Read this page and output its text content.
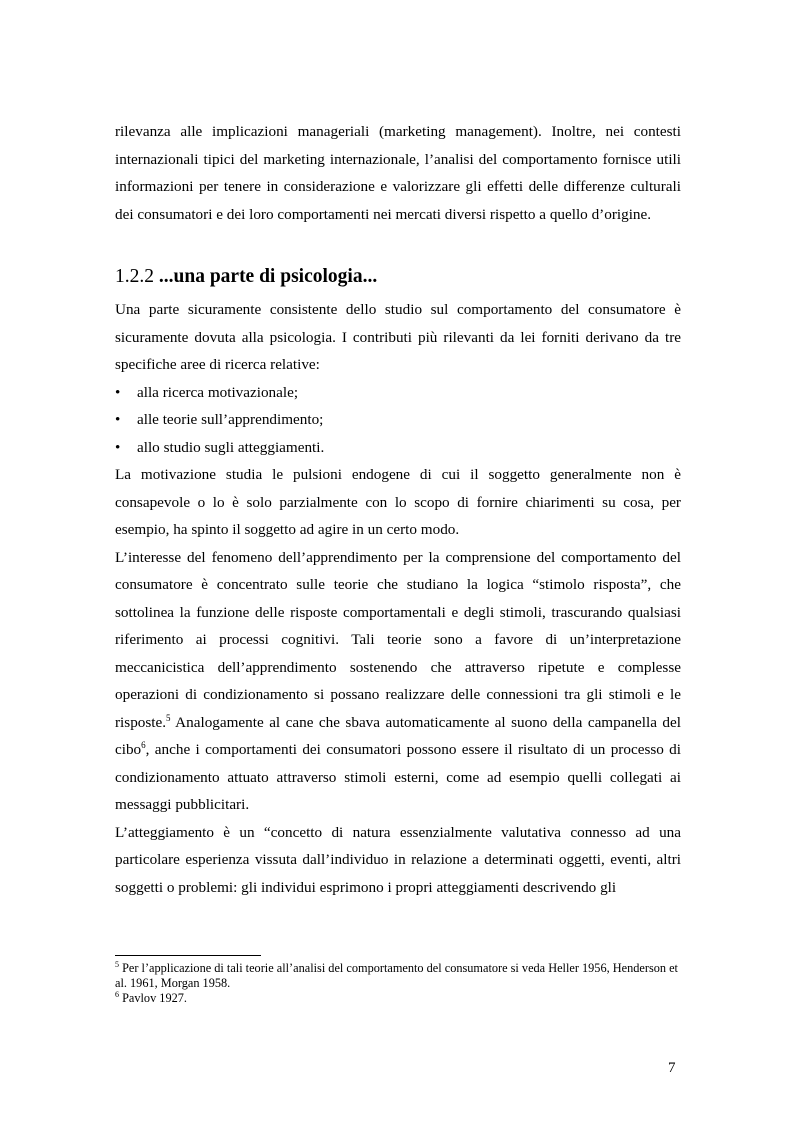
rilevanza alle implicazioni manageriali (marketing management). Inoltre, nei contesti internazionali tipici del marketing internazionale, l’analisi del comportamento fornisce utili informazioni per tenere in considerazione e valorizzare gli effetti delle differenze culturali dei consumatori e dei loro comportamenti nei mercati diversi rispetto a quello d’origine.

1.2.2 ...una parte di psicologia...

Una parte sicuramente consistente dello studio sul comportamento del consumatore è sicuramente dovuta alla psicologia. I contributi più rilevanti da lei forniti derivano da tre specifiche aree di ricerca relative:

• alla ricerca motivazionale;
• alle teorie sull’apprendimento;
• allo studio sugli atteggiamenti.

La motivazione studia le pulsioni endogene di cui il soggetto generalmente non è consapevole o lo è solo parzialmente con lo scopo di fornire chiarimenti su cosa, per esempio, ha spinto il soggetto ad agire in un certo modo.

L’interesse del fenomeno dell’apprendimento per la comprensione del comportamento del consumatore è concentrato sulle teorie che studiano la logica “stimolo risposta”, che sottolinea la funzione delle risposte comportamentali e degli stimoli, trascurando qualsiasi riferimento ai processi cognitivi. Tali teorie sono a favore di un’interpretazione meccanicistica dell’apprendimento sostenendo che attraverso ripetute e complesse operazioni di condizionamento si possano realizzare delle connessioni tra gli stimoli e le risposte.$^5$ Analogamente al cane che sbava automaticamente al suono della campanella del cibo$^6$, anche i comportamenti dei consumatori possono essere il risultato di un processo di condizionamento attuato attraverso stimoli esterni, come ad esempio quelli collegati ai messaggi pubblicitari.

L’atteggiamento è un “concetto di natura essenzialmente valutativa connesso ad una particolare esperienza vissuta dall’individuo in relazione a determinati oggetti, eventi, altri soggetti o problemi: gli individui esprimono i propri atteggiamenti descrivendo gli

$^5$ Per l’applicazione di tali teorie all’analisi del comportamento del consumatore si veda Heller 1956, Henderson et al. 1961, Morgan 1958.

$^6$ Pavlov 1927.

7
